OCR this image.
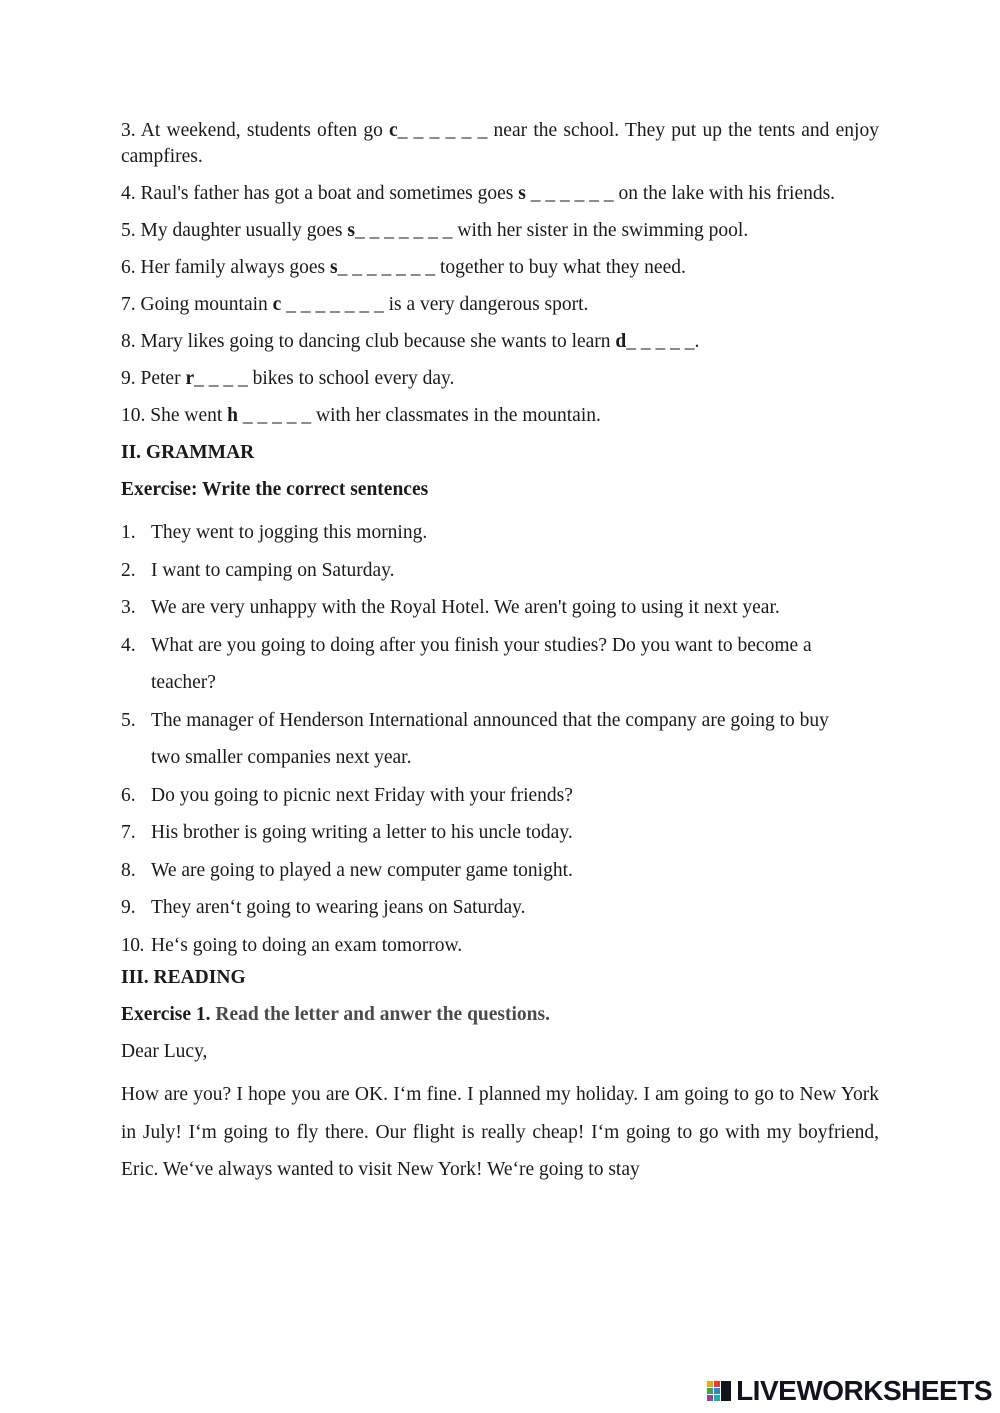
3. At weekend, students often go c_ _ _ _ _ _ near the school. They put up the tents and enjoy campfires.

4. Raul's father has got a boat and sometimes goes s _ _ _ _ _ _ on the lake with his friends.

5. My daughter usually goes s_ _ _ _ _ _ _ with her sister in the swimming pool.

6. Her family always goes s_ _ _ _ _ _ _ together to buy what they need.

7. Going mountain c _ _ _ _ _ _ _ is a very dangerous sport.

8. Mary likes going to dancing club because she wants to learn d_ _ _ _ _.

9. Peter r_ _ _ _ bikes to school every day.

10. She went h _ _ _ _ _ with her classmates in the mountain.

II. GRAMMAR
Exercise: Write the correct sentences
1. They went to jogging this morning.
2. I want to camping on Saturday.
3. We are very unhappy with the Royal Hotel. We aren't going to using it next year.
4. What are you going to doing after you finish your studies? Do you want to become a teacher?
5. The manager of Henderson International announced that the company are going to buy two smaller companies next year.
6. Do you going to picnic next Friday with your friends?
7. His brother is going writing a letter to his uncle today.
8. We are going to played a new computer game tonight.
9. They aren‘t going to wearing jeans on Saturday.
10. He‘s going to doing an exam tomorrow.
III. READING
Exercise 1. Read the letter and anwer the questions.
Dear Lucy,

How are you? I hope you are OK. I‘m fine. I planned my holiday. I am going to go to New York in July! I‘m going to fly there. Our flight is really cheap! I‘m going to go with my boyfriend, Eric. We‘ve always wanted to visit New York! We‘re going to stay

LIVEWORKSHEETS
